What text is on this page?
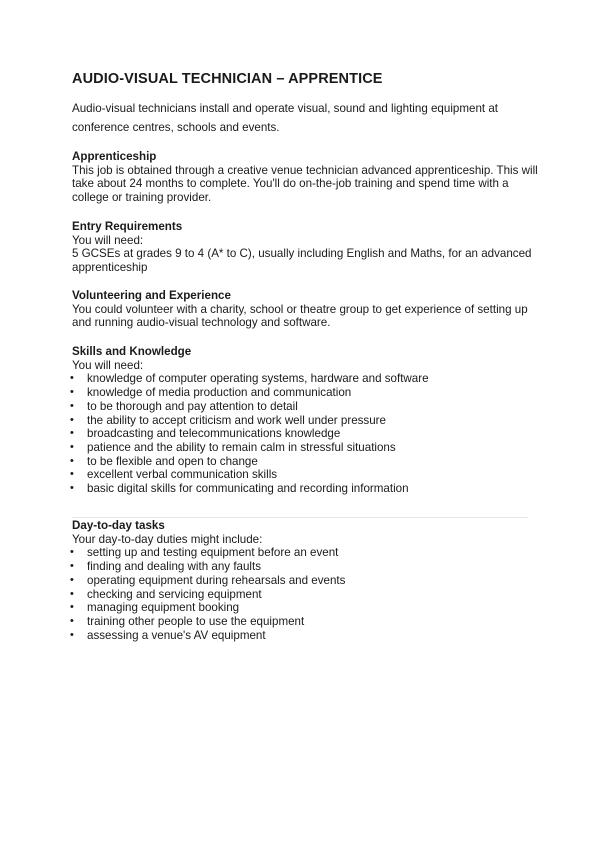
AUDIO-VISUAL TECHNICIAN – APPRENTICE
Audio-visual technicians install and operate visual, sound and lighting equipment at conference centres, schools and events.
Apprenticeship

This job is obtained through a creative venue technician advanced apprenticeship. This will take about 24 months to complete. You'll do on-the-job training and spend time with a college or training provider.

Entry Requirements

You will need:

5 GCSEs at grades 9 to 4 (A* to C), usually including English and Maths, for an advanced apprenticeship

Volunteering and Experience

You could volunteer with a charity, school or theatre group to get experience of setting up and running audio-visual technology and software.

Skills and Knowledge

You will need:

• knowledge of computer operating systems, hardware and software
• knowledge of media production and communication
• to be thorough and pay attention to detail
• the ability to accept criticism and work well under pressure
• broadcasting and telecommunications knowledge
• patience and the ability to remain calm in stressful situations
• to be flexible and open to change
• excellent verbal communication skills
• basic digital skills for communicating and recording information
Day-to-day tasks

Your day-to-day duties might include:

• setting up and testing equipment before an event
• finding and dealing with any faults
• operating equipment during rehearsals and events
• checking and servicing equipment
• managing equipment booking
• training other people to use the equipment
• assessing a venue's AV equipment
